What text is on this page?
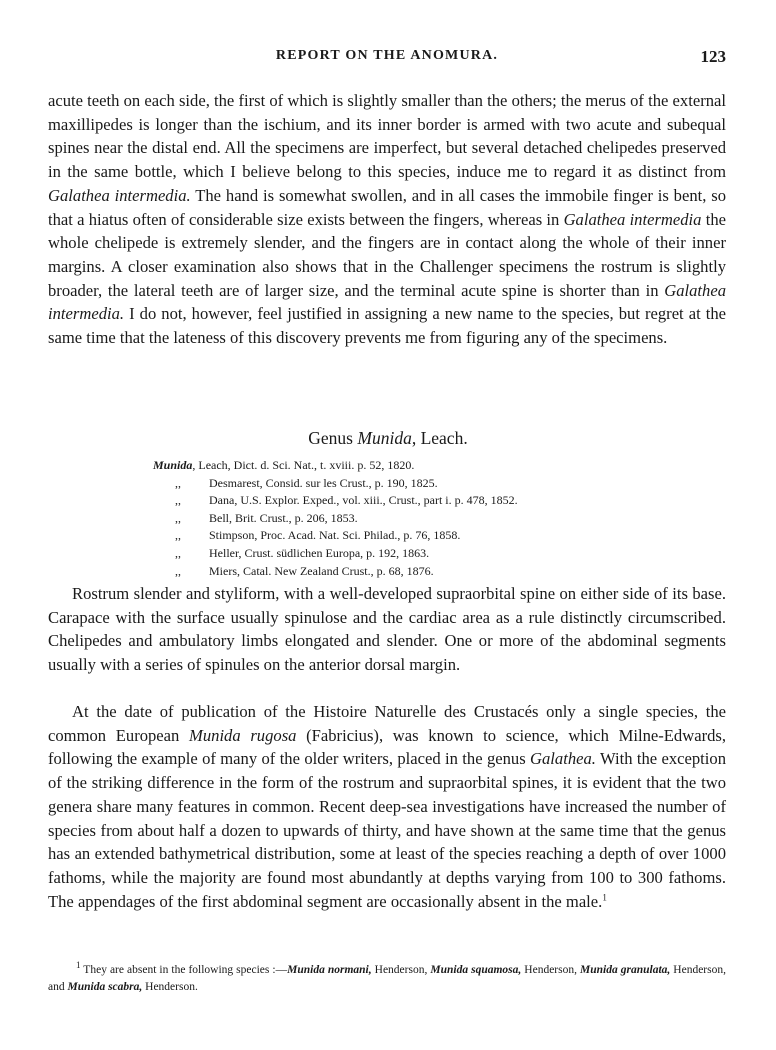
REPORT ON THE ANOMURA.	123

acute teeth on each side, the first of which is slightly smaller than the others; the merus of the external maxillipedes is longer than the ischium, and its inner border is armed with two acute and subequal spines near the distal end. All the specimens are imperfect, but several detached chelipedes preserved in the same bottle, which I believe belong to this species, induce me to regard it as distinct from Galathea intermedia. The hand is somewhat swollen, and in all cases the immobile finger is bent, so that a hiatus often of considerable size exists between the fingers, whereas in Galathea intermedia the whole chelipede is extremely slender, and the fingers are in contact along the whole of their inner margins. A closer examination also shows that in the Challenger specimens the rostrum is slightly broader, the lateral teeth are of larger size, and the terminal acute spine is shorter than in Galathea intermedia. I do not, however, feel justified in assigning a new name to the species, but regret at the same time that the lateness of this discovery prevents me from figuring any of the specimens.

Genus Munida, Leach.
Munida, Leach, Dict. d. Sci. Nat., t. xviii. p. 52, 1820.
,, Desmarest, Consid. sur les Crust., p. 190, 1825.
,, Dana, U.S. Explor. Exped., vol. xiii., Crust., part i. p. 478, 1852.
,, Bell, Brit. Crust., p. 206, 1853.
,, Stimpson, Proc. Acad. Nat. Sci. Philad., p. 76, 1858.
,, Heller, Crust. südlichen Europa, p. 192, 1863.
,, Miers, Catal. New Zealand Crust., p. 68, 1876.

Rostrum slender and styliform, with a well-developed supraorbital spine on either side of its base. Carapace with the surface usually spinulose and the cardiac area as a rule distinctly circumscribed. Chelipedes and ambulatory limbs elongated and slender. One or more of the abdominal segments usually with a series of spinules on the anterior dorsal margin.

At the date of publication of the Histoire Naturelle des Crustacés only a single species, the common European Munida rugosa (Fabricius), was known to science, which Milne-Edwards, following the example of many of the older writers, placed in the genus Galathea. With the exception of the striking difference in the form of the rostrum and supraorbital spines, it is evident that the two genera share many features in common. Recent deep-sea investigations have increased the number of species from about half a dozen to upwards of thirty, and have shown at the same time that the genus has an extended bathymetrical distribution, some at least of the species reaching a depth of over 1000 fathoms, while the majority are found most abundantly at depths varying from 100 to 300 fathoms. The appendages of the first abdominal segment are occasionally absent in the male.$^1$

$^1$ They are absent in the following species :—Munida normani, Henderson, Munida squamosa, Henderson, Munida granulata, Henderson, and Munida scabra, Henderson.
